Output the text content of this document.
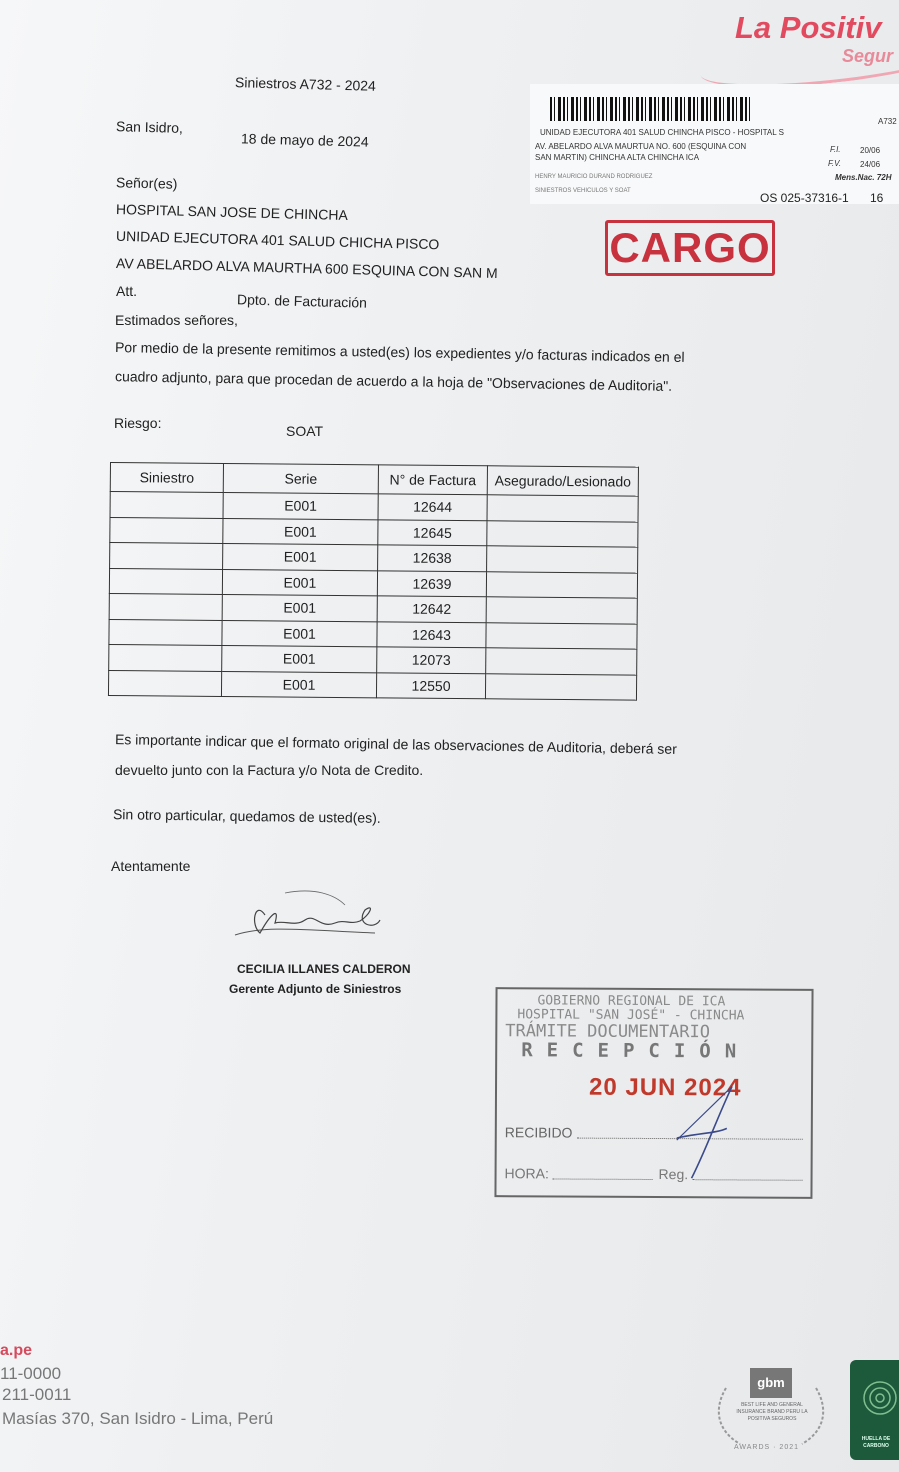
La Positiv
Segur
A732
UNIDAD EJECUTORA 401 SALUD CHINCHA PISCO - HOSPITAL S
AV. ABELARDO ALVA MAURTUA NO. 600 (ESQUINA CON
SAN MARTIN) CHINCHA ALTA CHINCHA ICA
HENRY MAURICIO DURAND RODRIGUEZ
SINIESTROS VEHICULOS Y SOAT
F.I. 20/06
F.V. 24/06
Mens.Nac. 72H
OS 025-37316-1 16
CARGO
Siniestros A732 - 2024
San Isidro,
18 de mayo de 2024
Señor(es)
HOSPITAL SAN JOSE DE CHINCHA
UNIDAD EJECUTORA 401 SALUD CHICHA PISCO
AV ABELARDO ALVA MAURTHA 600 ESQUINA CON SAN M
Att.
Dpto. de Facturación
Estimados señores,
Por medio de la presente remitimos a usted(es) los expedientes y/o facturas indicados en el
cuadro adjunto, para que procedan de acuerdo a la hoja de "Observaciones de Auditoria".
Riesgo:	SOAT
Siniestro	Serie	N° de Factura	Asegurado/Lesionado
	E001	12644	
	E001	12645	
	E001	12638	
	E001	12639	
	E001	12642	
	E001	12643	
	E001	12073	
	E001	12550	
Es importante indicar que el formato original de las observaciones de Auditoria, deberá ser
devuelto junto con la Factura y/o Nota de Credito.
Sin otro particular, quedamos de usted(es).
Atentamente
CECILIA ILLANES CALDERON
Gerente Adjunto de Siniestros
GOBIERNO REGIONAL DE ICA
HOSPITAL "SAN JOSÉ" - CHINCHA
TRÁMITE DOCUMENTARIO
RECEPCIÓN
20 JUN 2024
RECIBIDO
HORA:	Reg.
a.pe
11-0000
211-0011
Masías 370, San Isidro - Lima, Perú
gbm
BEST LIFE AND GENERAL INSURANCE BRAND PERU LA POSITIVA SEGUROS
AWARDS · 2021
HUELLA DE CARBONO
